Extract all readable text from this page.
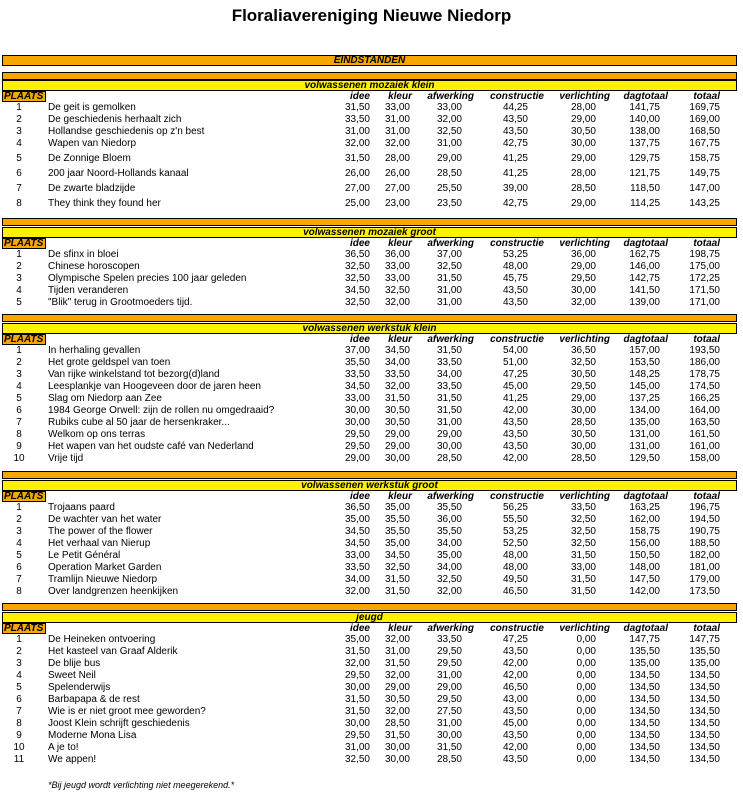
Floraliavereniging Nieuwe Niedorp
EINDSTANDEN
volwassenen mozaiek klein
PLAATS	idee	kleur	afwerking	constructie	verlichting	dagtotaal	totaal
1	De geit is gemolken	31,50	33,00	33,00	44,25	28,00	141,75	169,75
2	De geschiedenis herhaalt zich	33,50	31,00	32,00	43,50	29,00	140,00	169,00
3	Hollandse geschiedenis op z'n best	31,00	31,00	32,50	43,50	30,50	138,00	168,50
4	Wapen van Niedorp	32,00	32,00	31,00	42,75	30,00	137,75	167,75
5	De Zonnige Bloem	31,50	28,00	29,00	41,25	29,00	129,75	158,75
6	200 jaar Noord-Hollands kanaal	26,00	26,00	28,50	41,25	28,00	121,75	149,75
7	De zwarte bladzijde	27,00	27,00	25,50	39,00	28,50	118,50	147,00
8	They think they found her	25,00	23,00	23,50	42,75	29,00	114,25	143,25
volwassenen mozaiek groot
PLAATS	idee	kleur	afwerking	constructie	verlichting	dagtotaal	totaal
1	De sfinx in bloei	36,50	36,00	37,00	53,25	36,00	162,75	198,75
2	Chinese horoscopen	32,50	33,00	32,50	48,00	29,00	146,00	175,00
3	Olympische Spelen precies 100 jaar geleden	32,50	33,00	31,50	45,75	29,50	142,75	172,25
4	Tijden veranderen	34,50	32,50	31,00	43,50	30,00	141,50	171,50
5	"Blik" terug in Grootmoeders tijd.	32,50	32,00	31,00	43,50	32,00	139,00	171,00
volwassenen werkstuk klein
PLAATS	idee	kleur	afwerking	constructie	verlichting	dagtotaal	totaal
1	In herhaling gevallen	37,00	34,50	31,50	54,00	36,50	157,00	193,50
2	Het grote geldspel van toen	35,50	34,00	33,50	51,00	32,50	153,50	186,00
3	Van rijke winkelstand tot bezorg(d)land	33,50	33,50	34,00	47,25	30,50	148,25	178,75
4	Leesplankje van Hoogeveen door de jaren heen	34,50	32,00	33,50	45,00	29,50	145,00	174,50
5	Slag om Niedorp aan Zee	33,00	31,50	31,50	41,25	29,00	137,25	166,25
6	1984 George Orwell: zijn de rollen nu omgedraaid?	30,00	30,50	31,50	42,00	30,00	134,00	164,00
7	Rubiks cube al 50 jaar de hersenkraker...	30,00	30,50	31,00	43,50	28,50	135,00	163,50
8	Welkom op ons terras	29,50	29,00	29,00	43,50	30,50	131,00	161,50
9	Het wapen van het oudste café van Nederland	29,50	29,00	30,00	43,50	30,00	131,00	161,00
10	Vrije tijd	29,00	30,00	28,50	42,00	28,50	129,50	158,00
volwassenen werkstuk groot
PLAATS	idee	kleur	afwerking	constructie	verlichting	dagtotaal	totaal
1	Trojaans paard	36,50	35,00	35,50	56,25	33,50	163,25	196,75
2	De wachter van het water	35,00	35,50	36,00	55,50	32,50	162,00	194,50
3	The power of the flower	34,50	35,50	35,50	53,25	32,50	158,75	190,75
4	Het verhaal van Nierup	34,50	35,00	34,00	52,50	32,50	156,00	188,50
5	Le Petit Général	33,00	34,50	35,00	48,00	31,50	150,50	182,00
6	Operation Market Garden	33,50	32,50	34,00	48,00	33,00	148,00	181,00
7	Tramlijn Nieuwe Niedorp	34,00	31,50	32,50	49,50	31,50	147,50	179,00
8	Over landgrenzen heenkijken	32,00	31,50	32,00	46,50	31,50	142,00	173,50
jeugd
PLAATS	idee	kleur	afwerking	constructie	verlichting	dagtotaal	totaal
1	De Heineken ontvoering	35,00	32,00	33,50	47,25	0,00	147,75	147,75
2	Het kasteel van Graaf Alderik	31,50	31,00	29,50	43,50	0,00	135,50	135,50
3	De blije bus	32,00	31,50	29,50	42,00	0,00	135,00	135,00
4	Sweet Neil	29,50	32,00	31,00	42,00	0,00	134,50	134,50
5	Spelenderwijs	30,00	29,00	29,00	46,50	0,00	134,50	134,50
6	Barbapapa & de rest	31,50	30,50	29,50	43,00	0,00	134,50	134,50
7	Wie is er niet groot mee geworden?	31,50	32,00	27,50	43,50	0,00	134,50	134,50
8	Joost Klein schrijft geschiedenis	30,00	28,50	31,00	45,00	0,00	134,50	134,50
9	Moderne Mona Lisa	29,50	31,50	30,00	43,50	0,00	134,50	134,50
10	A je to!	31,00	30,00	31,50	42,00	0,00	134,50	134,50
11	We appen!	32,50	30,00	28,50	43,50	0,00	134,50	134,50
*Bij jeugd wordt verlichting niet meegerekend.*
